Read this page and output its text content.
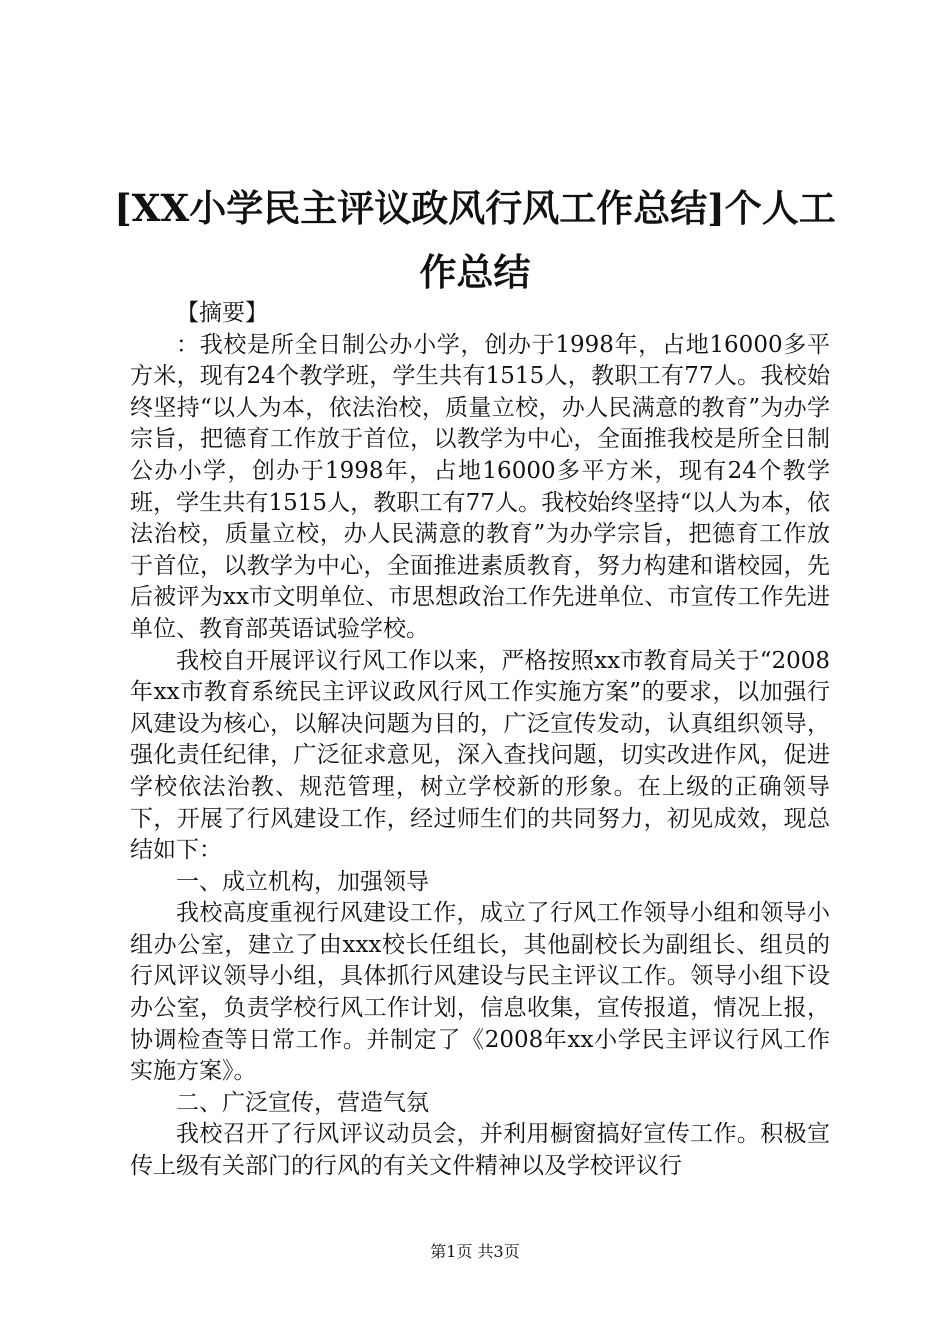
[XX小学民主评议政风行风工作总结]个人工
作总结

【摘要】

：我校是所全日制公办小学，创办于1998年，占地16000多平方米，现有24个教学班，学生共有1515人，教职工有77人。我校始终坚持“以人为本，依法治校，质量立校，办人民满意的教育”为办学宗旨，把德育工作放于首位，以教学为中心，全面推我校是所全日制公办小学，创办于1998年，占地16000多平方米，现有24个教学班，学生共有1515人，教职工有77人。我校始终坚持“以人为本，依法治校，质量立校，办人民满意的教育”为办学宗旨，把德育工作放于首位，以教学为中心，全面推进素质教育，努力构建和谐校园，先后被评为xx市文明单位、市思想政治工作先进单位、市宣传工作先进单位、教育部英语试验学校。

我校自开展评议行风工作以来，严格按照xx市教育局关于“2008年xx市教育系统民主评议政风行风工作实施方案”的要求，以加强行风建设为核心，以解决问题为目的，广泛宣传发动，认真组织领导，强化责任纪律，广泛征求意见，深入查找问题，切实改进作风，促进学校依法治教、规范管理，树立学校新的形象。在上级的正确领导下，开展了行风建设工作，经过师生们的共同努力，初见成效，现总结如下：

一、成立机构，加强领导

我校高度重视行风建设工作，成立了行风工作领导小组和领导小组办公室，建立了由xxx校长任组长，其他副校长为副组长、组员的行风评议领导小组，具体抓行风建设与民主评议工作。领导小组下设办公室，负责学校行风工作计划，信息收集，宣传报道，情况上报，协调检查等日常工作。并制定了《2008年xx小学民主评议行风工作实施方案》。

二、广泛宣传，营造气氛

我校召开了行风评议动员会，并利用橱窗搞好宣传工作。积极宣传上级有关部门的行风的有关文件精神以及学校评议行

第1页 共3页
